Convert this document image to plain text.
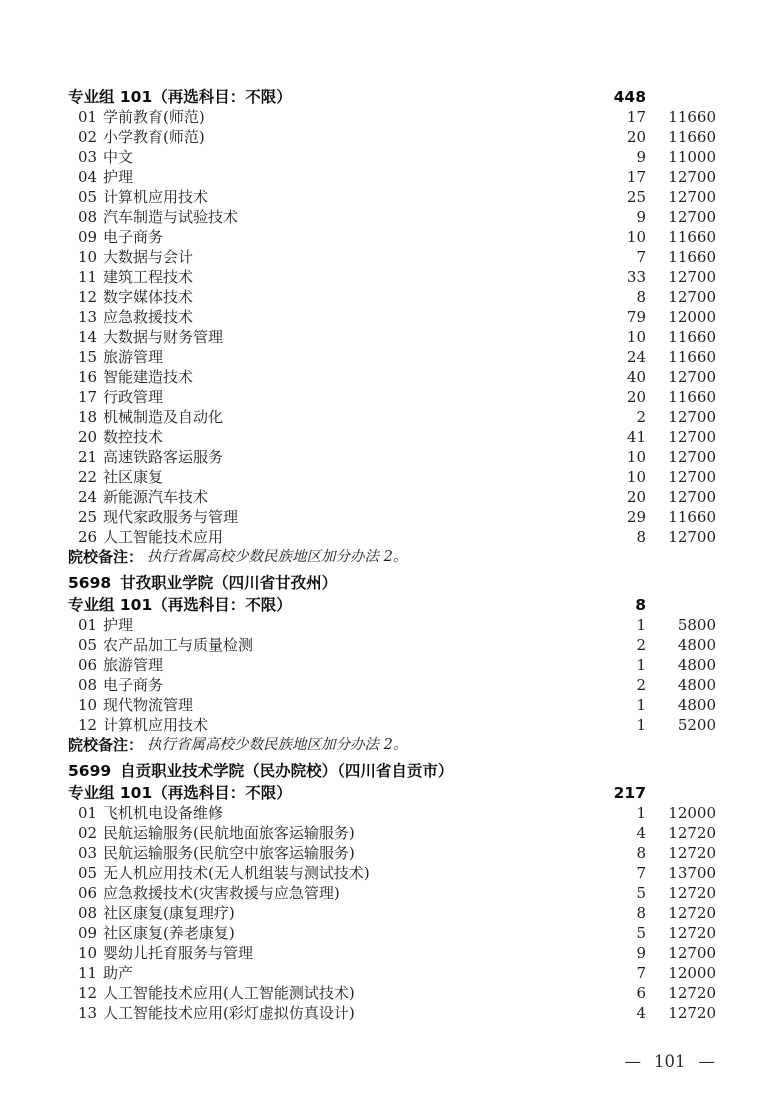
专业组 101（再选科目：不限）	448
01 学前教育(师范)	17	11660
02 小学教育(师范)	20	11660
03 中文	9	11000
04 护理	17	12700
05 计算机应用技术	25	12700
08 汽车制造与试验技术	9	12700
09 电子商务	10	11660
10 大数据与会计	7	11660
11 建筑工程技术	33	12700
12 数字媒体技术	8	12700
13 应急救援技术	79	12000
14 大数据与财务管理	10	11660
15 旅游管理	24	11660
16 智能建造技术	40	12700
17 行政管理	20	11660
18 机械制造及自动化	2	12700
20 数控技术	41	12700
21 高速铁路客运服务	10	12700
22 社区康复	10	12700
24 新能源汽车技术	20	12700
25 现代家政服务与管理	29	11660
26 人工智能技术应用	8	12700
院校备注： 执行省属高校少数民族地区加分办法 2。
5698 甘孜职业学院（四川省甘孜州）
专业组 101（再选科目：不限）	8
01 护理	1	5800
05 农产品加工与质量检测	2	4800
06 旅游管理	1	4800
08 电子商务	2	4800
10 现代物流管理	1	4800
12 计算机应用技术	1	5200
院校备注： 执行省属高校少数民族地区加分办法 2。
5699 自贡职业技术学院（民办院校）（四川省自贡市）
专业组 101（再选科目：不限）	217
01 飞机机电设备维修	1	12000
02 民航运输服务(民航地面旅客运输服务)	4	12720
03 民航运输服务(民航空中旅客运输服务)	8	12720
05 无人机应用技术(无人机组装与测试技术)	7	13700
06 应急救援技术(灾害救援与应急管理)	5	12720
08 社区康复(康复理疗)	8	12720
09 社区康复(养老康复)	5	12720
10 婴幼儿托育服务与管理	9	12700
11 助产	7	12000
12 人工智能技术应用(人工智能测试技术)	6	12720
13 人工智能技术应用(彩灯虚拟仿真设计)	4	12720
— 101 —
